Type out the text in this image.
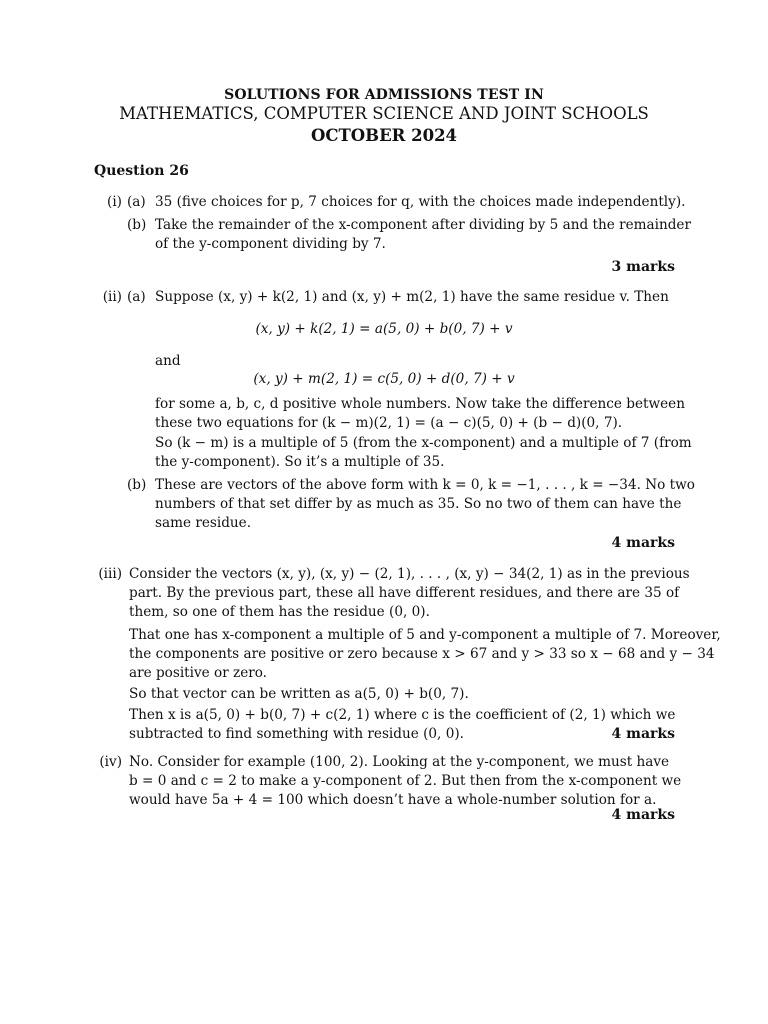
SOLUTIONS FOR ADMISSIONS TEST IN
MATHEMATICS, COMPUTER SCIENCE AND JOINT SCHOOLS
OCTOBER 2024
Question 26
(i) (a) 35 (five choices for p, 7 choices for q, with the choices made independently).
(b) Take the remainder of the x-component after dividing by 5 and the remainder
of the y-component dividing by 7.
3 marks
(ii) (a) Suppose (x, y) + k(2, 1) and (x, y) + m(2, 1) have the same residue v. Then
(x, y) + k(2, 1) = a(5, 0) + b(0, 7) + v
and
(x, y) + m(2, 1) = c(5, 0) + d(0, 7) + v
for some a, b, c, d positive whole numbers. Now take the difference between
these two equations for (k − m)(2, 1) = (a − c)(5, 0) + (b − d)(0, 7).
So (k − m) is a multiple of 5 (from the x-component) and a multiple of 7 (from
the y-component). So it’s a multiple of 35.
(b) These are vectors of the above form with k = 0, k = −1, . . . , k = −34. No two
numbers of that set differ by as much as 35. So no two of them can have the
same residue.
4 marks
(iii) Consider the vectors (x, y), (x, y) − (2, 1), . . . , (x, y) − 34(2, 1) as in the previous
part. By the previous part, these all have different residues, and there are 35 of
them, so one of them has the residue (0, 0).
That one has x-component a multiple of 5 and y-component a multiple of 7. Moreover,
the components are positive or zero because x > 67 and y > 33 so x − 68 and y − 34
are positive or zero.
So that vector can be written as a(5, 0) + b(0, 7).
Then x is a(5, 0) + b(0, 7) + c(2, 1) where c is the coefficient of (2, 1) which we
subtracted to find something with residue (0, 0).	4 marks
(iv) No. Consider for example (100, 2). Looking at the y-component, we must have
b = 0 and c = 2 to make a y-component of 2. But then from the x-component we
would have 5a + 4 = 100 which doesn’t have a whole-number solution for a.
4 marks
